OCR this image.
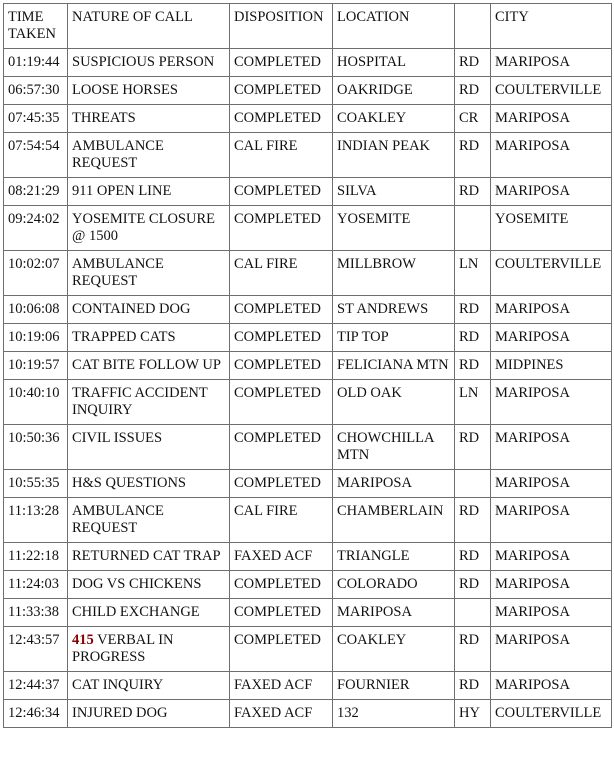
TIME TAKEN	NATURE OF CALL	DISPOSITION	LOCATION		CITY
01:19:44	SUSPICIOUS PERSON	COMPLETED	HOSPITAL	RD	MARIPOSA
06:57:30	LOOSE HORSES	COMPLETED	OAKRIDGE	RD	COULTERVILLE
07:45:35	THREATS	COMPLETED	COAKLEY	CR	MARIPOSA
07:54:54	AMBULANCE REQUEST	CAL FIRE	INDIAN PEAK	RD	MARIPOSA
08:21:29	911 OPEN LINE	COMPLETED	SILVA	RD	MARIPOSA
09:24:02	YOSEMITE CLOSURE @ 1500	COMPLETED	YOSEMITE		YOSEMITE
10:02:07	AMBULANCE REQUEST	CAL FIRE	MILLBROW	LN	COULTERVILLE
10:06:08	CONTAINED DOG	COMPLETED	ST ANDREWS	RD	MARIPOSA
10:19:06	TRAPPED CATS	COMPLETED	TIP TOP	RD	MARIPOSA
10:19:57	CAT BITE FOLLOW UP	COMPLETED	FELICIANA MTN	RD	MIDPINES
10:40:10	TRAFFIC ACCIDENT INQUIRY	COMPLETED	OLD OAK	LN	MARIPOSA
10:50:36	CIVIL ISSUES	COMPLETED	CHOWCHILLA MTN	RD	MARIPOSA
10:55:35	H&S QUESTIONS	COMPLETED	MARIPOSA		MARIPOSA
11:13:28	AMBULANCE REQUEST	CAL FIRE	CHAMBERLAIN	RD	MARIPOSA
11:22:18	RETURNED CAT TRAP	FAXED ACF	TRIANGLE	RD	MARIPOSA
11:24:03	DOG VS CHICKENS	COMPLETED	COLORADO	RD	MARIPOSA
11:33:38	CHILD EXCHANGE	COMPLETED	MARIPOSA		MARIPOSA
12:43:57	415 VERBAL IN PROGRESS	COMPLETED	COAKLEY	RD	MARIPOSA
12:44:37	CAT INQUIRY	FAXED ACF	FOURNIER	RD	MARIPOSA
12:46:34	INJURED DOG	FAXED ACF	132	HY	COULTERVILLE
